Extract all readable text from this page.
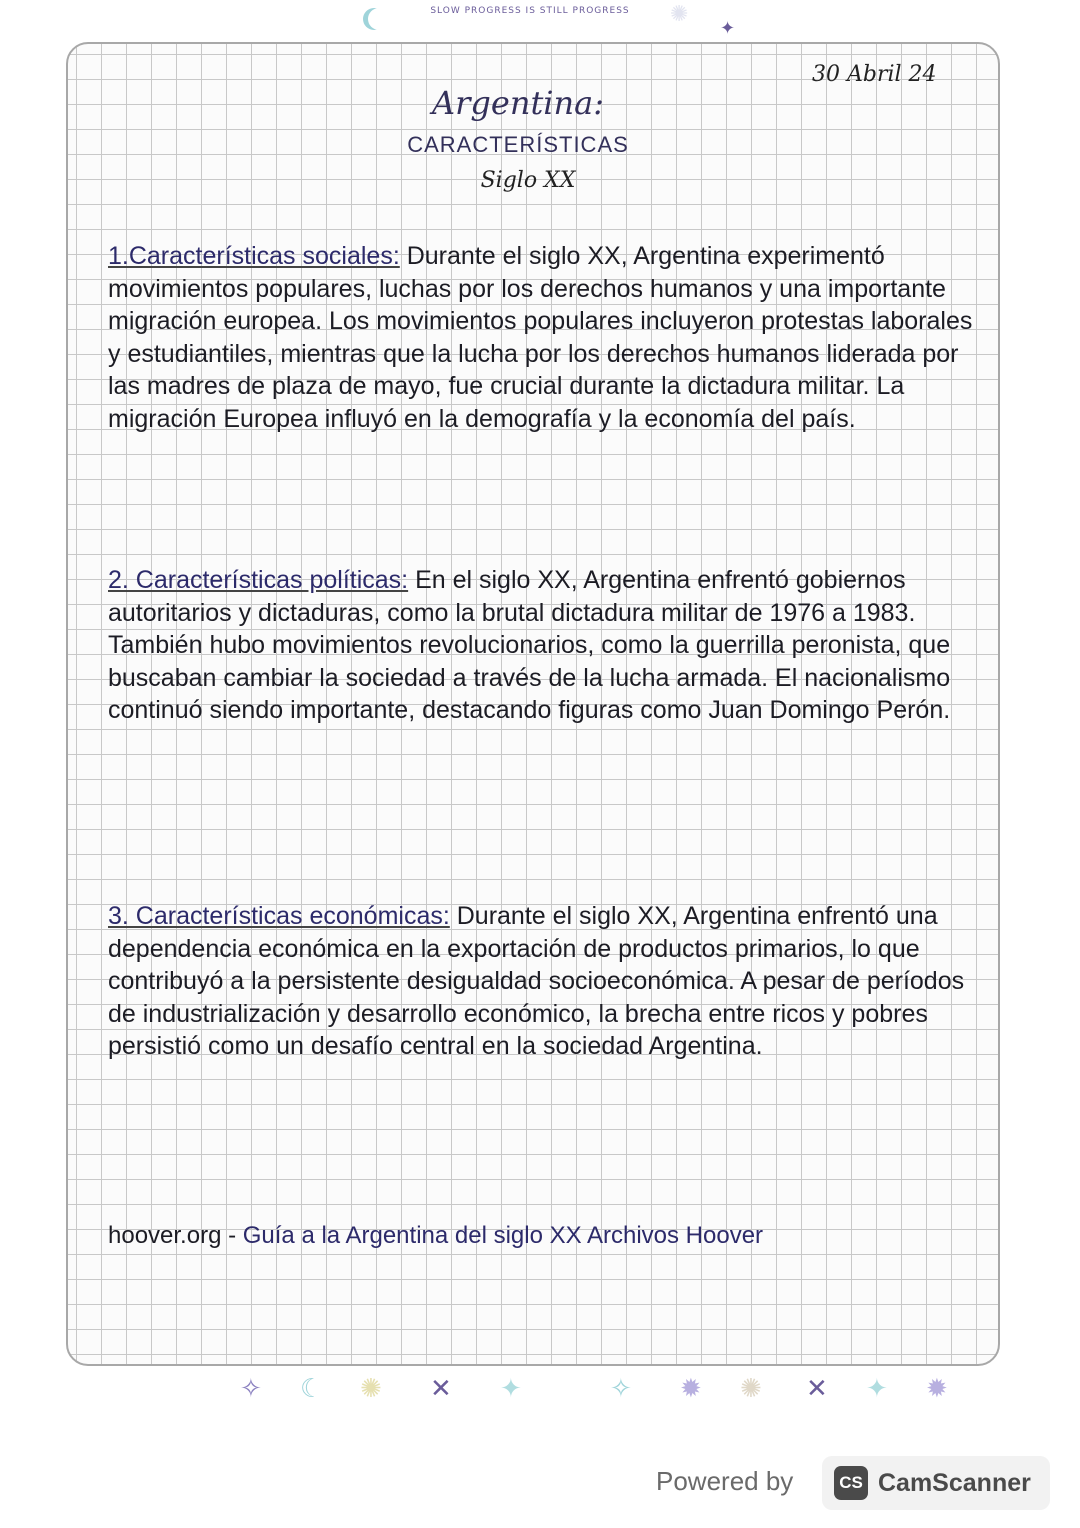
SLOW PROGRESS IS STILL PROGRESS	✺
✦
30 Abril 24
Argentina:
CARACTERÍSTICAS
Siglo XX
1.Características sociales: Durante el siglo XX, Argentina experimentó movimientos populares, luchas por los derechos humanos y una importante migración europea. Los movimientos populares incluyeron protestas laborales y estudiantiles, mientras que la lucha por los derechos humanos liderada por las madres de plaza de mayo, fue crucial durante la dictadura militar. La migración Europea influyó en la demografía y la economía del país.
2. Características políticas: En el siglo XX, Argentina enfrentó gobiernos autoritarios y dictaduras, como la brutal dictadura militar de 1976 a 1983. También hubo movimientos revolucionarios, como la guerrilla peronista, que buscaban cambiar la sociedad a través de la lucha armada. El nacionalismo continuó siendo importante, destacando figuras como Juan Domingo Perón.
3. Características económicas: Durante el siglo XX, Argentina enfrentó una dependencia económica en la exportación de productos primarios, lo que contribuyó a la persistente desigualdad socioeconómica. A pesar de períodos de industrialización y desarrollo económico, la brecha entre ricos y pobres persistió como un desafío central en la sociedad Argentina.
hoover.org - Guía a la Argentina del siglo XX Archivos Hoover
✧ ☾ ✺ ✕ ✦	✧ ✹ ✺ ✕ ✦ ✹
Powered by	CS CamScanner
